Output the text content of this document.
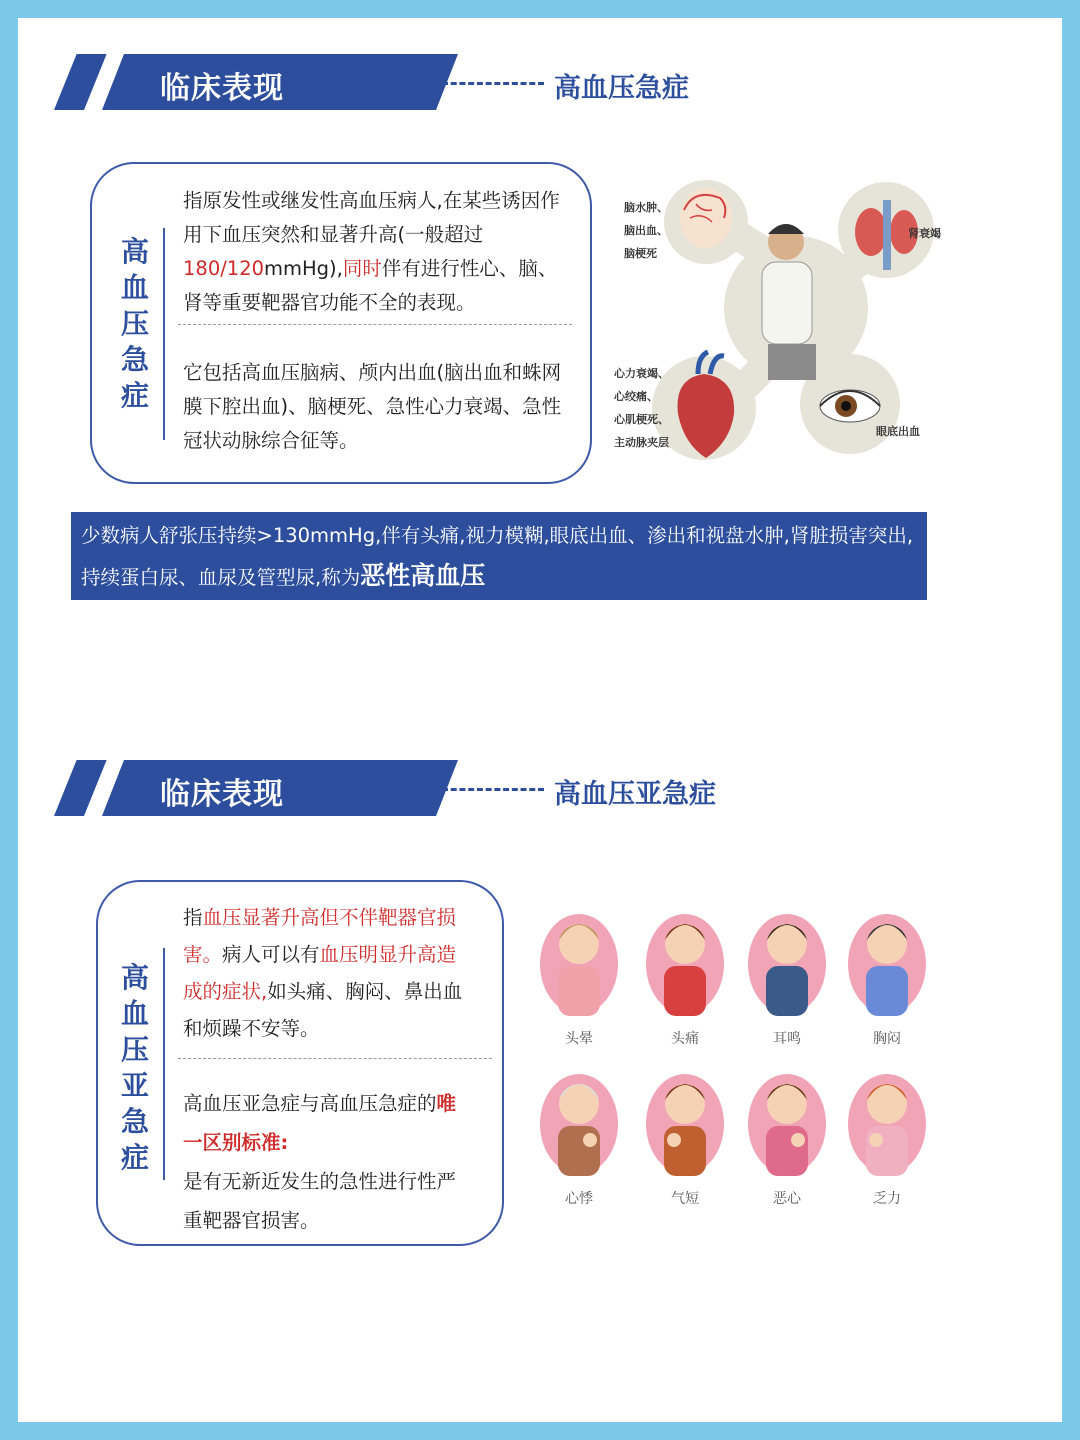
临床表现	高血压急症
高血压急症
指原发性或继发性高血压病人,在某些诱因作用下血压突然和显著升高(一般超过180/120mmHg),同时伴有进行性心、脑、肾等重要靶器官功能不全的表现。
它包括高血压脑病、颅内出血(脑出血和蛛网膜下腔出血)、脑梗死、急性心力衰竭、急性冠状动脉综合征等。
脑水肿、
脑出血、
脑梗死
肾衰竭
心力衰竭、
心绞痛、
心肌梗死、
主动脉夹层
眼底出血
少数病人舒张压持续>130mmHg,伴有头痛,视力模糊,眼底出血、渗出和视盘水肿,肾脏损害突出,持续蛋白尿、血尿及管型尿,称为恶性高血压
临床表现	高血压亚急症
高血压亚急症
指血压显著升高但不伴靶器官损害。病人可以有血压明显升高造成的症状,如头痛、胸闷、鼻出血和烦躁不安等。
高血压亚急症与高血压急症的唯一区别标准:
是有无新近发生的急性进行性严重靶器官损害。
头晕	头痛	耳鸣	胸闷
心悸	气短	恶心	乏力
